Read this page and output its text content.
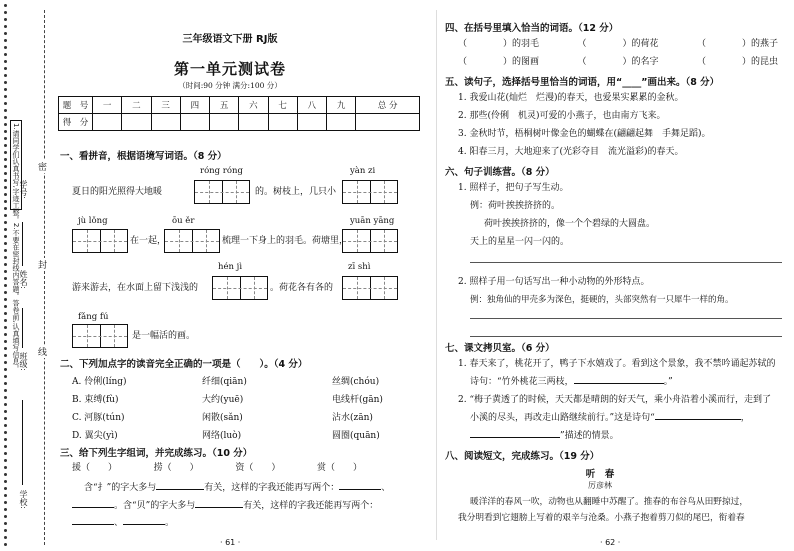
1.请同学们认真书写,字迹工整。2.不要在密封线内答题。答卷前,认真填写信息。
学校:
班级:
姓名:
学号:
密
封
线
三年级语文下册 RJ版
第一单元测试卷
（时间:90 分钟 满分:100 分）
题　号	一	二	三	四	五	六	七	八	九	总 分
得　分										
一、看拼音，根据语境写词语。（8 分）
róng róng	yàn zi
夏日的阳光照得大地暖	的。树枝上，几只小
jù lǒng	ōu ěr	yuān yāng
在一起，	梳理一下身上的羽毛。荷塘里，
hén jì	zī shì
游来游去，在水面上留下浅浅的	。荷花各有各的
fǎng fú
是一幅活的画。
二、下列加点字的读音完全正确的一项是（　　）。（4 分）
A. 伶俐(líng)	纤细(qiān)	丝绸(chóu)
B. 束缚(fù)	大约(yuē)	电线杆(gān)
C. 河豚(tún)	闲散(sǎn)	沾水(zān)
D. 翼尖(yì)	网络(luò)	圆圈(quān)
三、给下列生字组词，并完成练习。（10 分）
援（　　）	捞（　　）	资（　　）	赏（　　）
含“扌”的字大多与	有关，这样的字我还能再写两个：	、
。含“贝”的字大多与	有关，这样的字我还能再写两个：
、	。
· 61 ·
四、在括号里填入恰当的词语。（12 分）
（　　　　）的羽毛	（　　　　）的荷花	（　　　　）的燕子
（　　　　）的图画	（　　　　）的名字	（　　　　）的昆虫
五、读句子，选择括号里恰当的词语，用“____”画出来。（8 分）
1. 我爱山花(灿烂　烂漫)的春天，也爱果实累累的金秋。
2. 那些(伶俐　机灵)可爱的小燕子，也由南方飞来。
3. 金秋时节，梧桐树叶像金色的蝴蝶在(翩翩起舞　手舞足蹈)。
4. 阳春三月，大地迎来了(光彩夺目　流光溢彩)的春天。
六、句子训练营。（8 分）
1. 照样子，把句子写生动。
例：荷叶挨挨挤挤的。
荷叶挨挨挤挤的，像一个个碧绿的大圆盘。
天上的星星一闪一闪的。
2. 照样子用一句话写出一种小动物的外形特点。
例：独角仙的甲壳多为深色，挺硬的，头部突然有一只犀牛一样的角。
七、课文拷贝室。（6 分）
1. 春天来了，桃花开了，鸭子下水嬉戏了。看到这个景象，我不禁吟诵起苏轼的
诗句：“竹外桃花三两枝，	。”
2. “梅子黄透了的时候，天天都是晴朗的好天气，乘小舟沿着小溪而行，走到了
小溪的尽头，再改走山路继续前行。”这是诗句“	，
”描述的情景。
八、阅读短文，完成练习。（19 分）
听　春
厉彦林
暖洋洋的春风一吹，动物也从翻睡中苏醒了。推春的布谷鸟从田野掠过，
我分明看到它翅膀上写着的艰辛与沧桑。小燕子抱着剪刀似的尾巴，衔着春
· 62 ·
